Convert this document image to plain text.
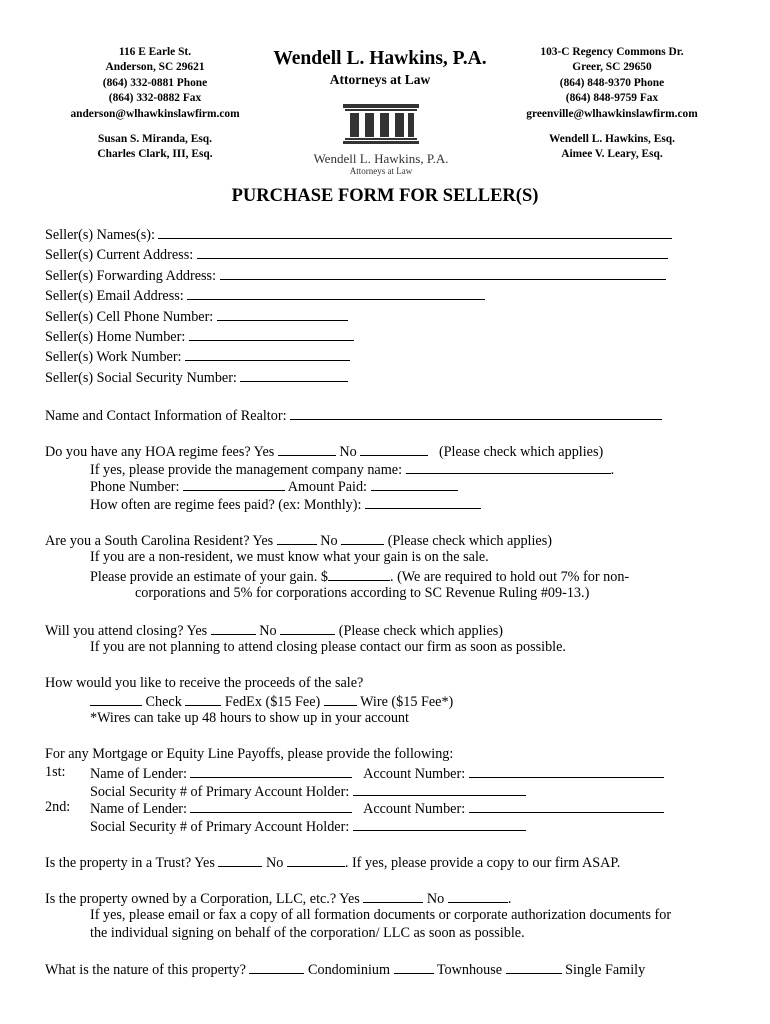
116 E Earle St.
Anderson, SC 29621
(864) 332-0881 Phone
(864) 332-0882 Fax
anderson@wlhawkinslawfirm.com
Susan S. Miranda, Esq.
Charles Clark, III, Esq.
Wendell L. Hawkins, P.A.
Attorneys at Law
Wendell L. Hawkins, P.A.
Attorneys at Law
103-C Regency Commons Dr.
Greer, SC 29650
(864) 848-9370 Phone
(864) 848-9759 Fax
greenville@wlhawkinslawfirm.com
Wendell L. Hawkins, Esq.
Aimee V. Leary, Esq.
PURCHASE FORM FOR SELLER(S)
Seller(s) Names(s):
Seller(s) Current Address:
Seller(s) Forwarding Address:
Seller(s) Email Address:
Seller(s) Cell Phone Number:
Seller(s) Home Number:
Seller(s) Work Number:
Seller(s) Social Security Number:
Name and Contact Information of Realtor:
Do you have any HOA regime fees? Yes	No	(Please check which applies)
If yes, please provide the management company name:	.
Phone Number:	Amount Paid:
How often are regime fees paid? (ex: Monthly):
Are you a South Carolina Resident? Yes	No	(Please check which applies)
If you are a non-resident, we must know what your gain is on the sale.
Please provide an estimate of your gain. $	. (We are required to hold out 7% for non-
corporations and 5% for corporations according to SC Revenue Ruling #09-13.)
Will you attend closing? Yes	No	(Please check which applies)
If you are not planning to attend closing please contact our firm as soon as possible.
How would you like to receive the proceeds of the sale?
Check	FedEx ($15 Fee)	Wire ($15 Fee*)
*Wires can take up 48 hours to show up in your account
For any Mortgage or Equity Line Payoffs, please provide the following:
1st: Name of Lender:	Account Number:
Social Security # of Primary Account Holder:
2nd: Name of Lender:	Account Number:
Social Security # of Primary Account Holder:
Is the property in a Trust? Yes	No	. If yes, please provide a copy to our firm ASAP.
Is the property owned by a Corporation, LLC, etc.? Yes	No	.
If yes, please email or fax a copy of all formation documents or corporate authorization documents for
the individual signing on behalf of the corporation/ LLC as soon as possible.
What is the nature of this property?	Condominium	Townhouse	Single Family
